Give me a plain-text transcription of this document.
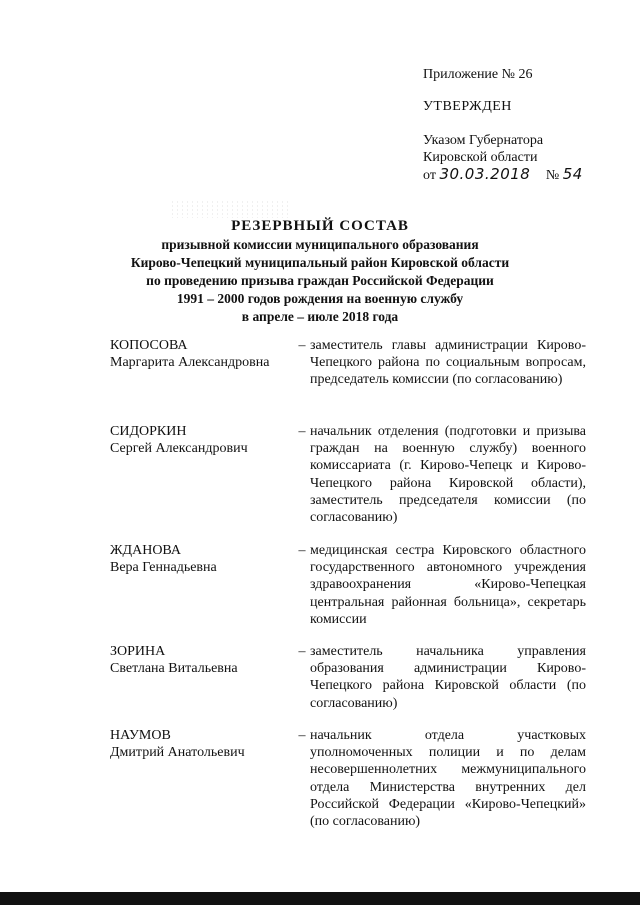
Приложение № 26
УТВЕРЖДЕН
Указом Губернатора
Кировской области
от 30.03.2018 № 54
РЕЗЕРВНЫЙ СОСТАВ
призывной комиссии муниципального образования
Кирово-Чепецкий муниципальный район Кировской области
по проведению призыва граждан Российской Федерации
1991 – 2000 годов рождения на военную службу
в апреле – июле 2018 года
КОПОСОВА
Маргарита Александровна
– заместитель главы администрации Кирово-Чепецкого района по социальным вопросам, председатель комиссии (по согласованию)
СИДОРКИН
Сергей Александрович
– начальник отделения (подготовки и призыва граждан на военную службу) военного комиссариата (г. Кирово-Чепецк и Кирово-Чепецкого района Кировской области), заместитель председателя комиссии (по согласованию)
ЖДАНОВА
Вера Геннадьевна
– медицинская сестра Кировского областного государственного автономного учреждения здравоохранения «Кирово-Чепецкая центральная районная больница», секретарь комиссии
ЗОРИНА
Светлана Витальевна
– заместитель начальника управления образования администрации Кирово-Чепецкого района Кировской области (по согласованию)
НАУМОВ
Дмитрий Анатольевич
– начальник отдела участковых уполномоченных полиции и по делам несовершеннолетних межмуниципального отдела Министерства внутренних дел Российской Федерации «Кирово-Чепецкий» (по согласованию)
